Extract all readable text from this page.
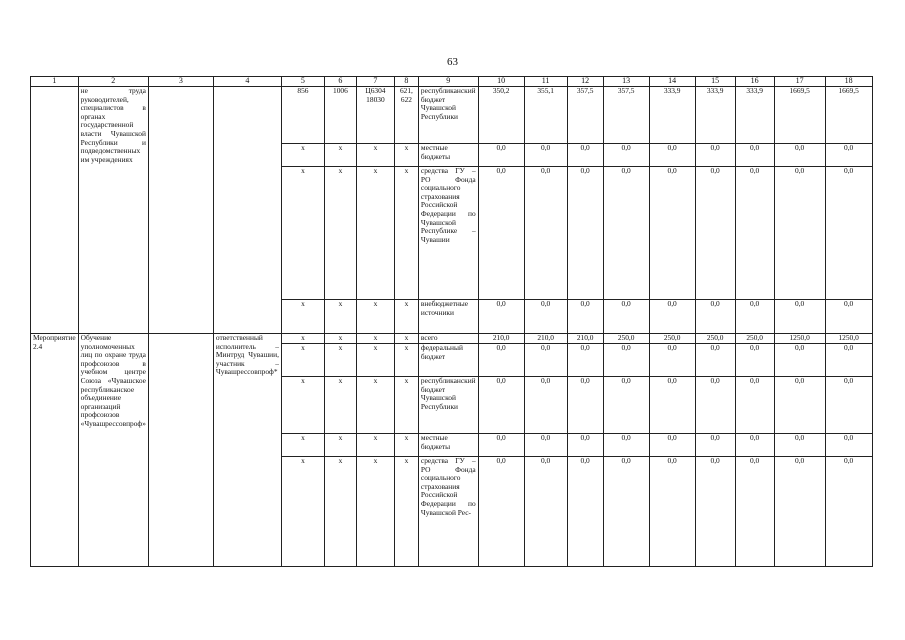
63
1	2	3	4	5	6	7	8	9	10	11	12	13	14	15	16	17	18
	не труда руководителей, специалистов в органах государственной власти Чувашской Республики и подведомственных им учреждениях			856	1006	Ц6304 18030	621, 622	республиканский бюджет Чувашской Республики	350,2	355,1	357,5	357,5	333,9	333,9	333,9	1669,5	1669,5
				x	x	x	x	местные бюджеты	0,0	0,0	0,0	0,0	0,0	0,0	0,0	0,0	0,0
				x	x	x	x	средства ГУ – РО Фонда социального страхования Российской Федерации по Чувашской Республике – Чувашии	0,0	0,0	0,0	0,0	0,0	0,0	0,0	0,0	0,0
				x	x	x	x	внебюджетные источники	0,0	0,0	0,0	0,0	0,0	0,0	0,0	0,0	0,0
Мероприятие 2.4	Обучение уполномоченных лиц по охране труда профсоюзов в учебном центре Союза «Чувашское республиканское объединение организаций профсоюзов «Чувашрессовпроф»		ответственный исполнитель – Минтруд Чувашии, участник – Чувашрессовпроф*	x	x	x	x	всего	210,0	210,0	210,0	250,0	250,0	250,0	250,0	1250,0	1250,0
				x	x	x	x	федеральный бюджет	0,0	0,0	0,0	0,0	0,0	0,0	0,0	0,0	0,0
				x	x	x	x	республиканский бюджет Чувашской Республики	0,0	0,0	0,0	0,0	0,0	0,0	0,0	0,0	0,0
				x	x	x	x	местные бюджеты	0,0	0,0	0,0	0,0	0,0	0,0	0,0	0,0	0,0
				x	x	x	x	средства ГУ – РО Фонда социального страхования Российской Федерации по Чувашской Рес-	0,0	0,0	0,0	0,0	0,0	0,0	0,0	0,0	0,0
